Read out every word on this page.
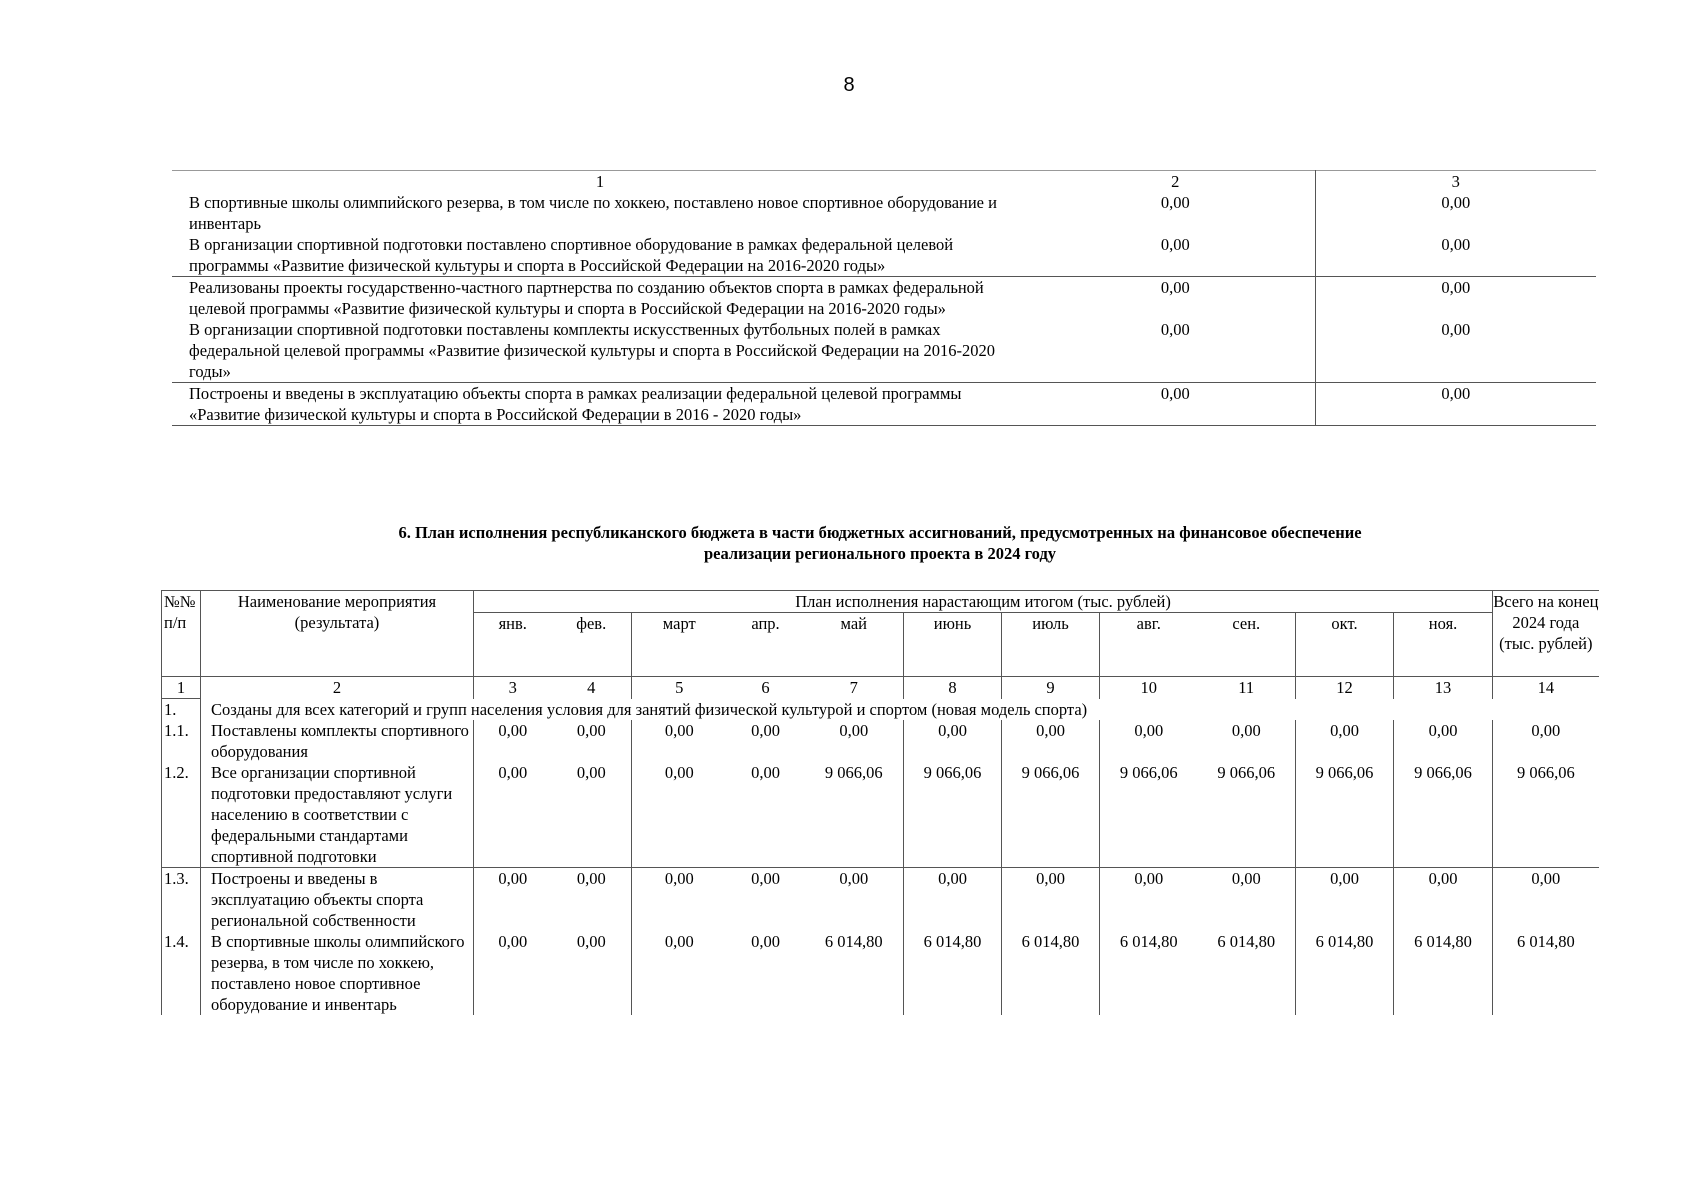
8
1	2	3
В спортивные школы олимпийского резерва, в том числе по хоккею, поставлено новое спортивное оборудование и инвентарь	0,00	0,00
В организации спортивной подготовки поставлено спортивное оборудование в рамках федеральной целевой программы «Развитие физической культуры и спорта в Российской Федерации на 2016-2020 годы»	0,00	0,00
Реализованы проекты государственно-частного партнерства по созданию объектов спорта в рамках федеральной целевой программы «Развитие физической культуры и спорта в Российской Федерации на 2016-2020 годы»	0,00	0,00
В организации спортивной подготовки поставлены комплекты искусственных футбольных полей в рамках федеральной целевой программы «Развитие физической культуры и спорта в Российской Федерации на 2016-2020 годы»	0,00	0,00
Построены и введены в эксплуатацию объекты спорта в рамках реализации федеральной целевой программы «Развитие физической культуры и спорта в Российской Федерации в 2016 - 2020 годы»	0,00	0,00
6. План исполнения республиканского бюджета в части бюджетных ассигнований, предусмотренных на финансовое обеспечение
реализации регионального проекта в 2024 году
№№ п/п	Наименование мероприятия (результата)	План исполнения нарастающим итогом (тыс. рублей)											Всего на конец 2024 года (тыс. рублей)
		янв.	фев.	март	апр.	май	июнь	июль	авг.	сен.	окт.	ноя.	
1	2	3	4	5	6	7	8	9	10	11	12	13	14
1.	Созданы для всех категорий и групп населения условия для занятий физической культурой и спортом (новая модель спорта)												
1.1.	Поставлены комплекты спортивного оборудования	0,00	0,00	0,00	0,00	0,00	0,00	0,00	0,00	0,00	0,00	0,00	0,00
1.2.	Все организации спортивной подготовки предоставляют услуги населению в соответствии с федеральными стандартами спортивной подготовки	0,00	0,00	0,00	0,00	9 066,06	9 066,06	9 066,06	9 066,06	9 066,06	9 066,06	9 066,06	9 066,06
1.3.	Построены и введены в эксплуатацию объекты спорта региональной собственности	0,00	0,00	0,00	0,00	0,00	0,00	0,00	0,00	0,00	0,00	0,00	0,00
1.4.	В спортивные школы олимпийского резерва, в том числе по хоккею, поставлено новое спортивное оборудование и инвентарь	0,00	0,00	0,00	0,00	6 014,80	6 014,80	6 014,80	6 014,80	6 014,80	6 014,80	6 014,80	6 014,80
